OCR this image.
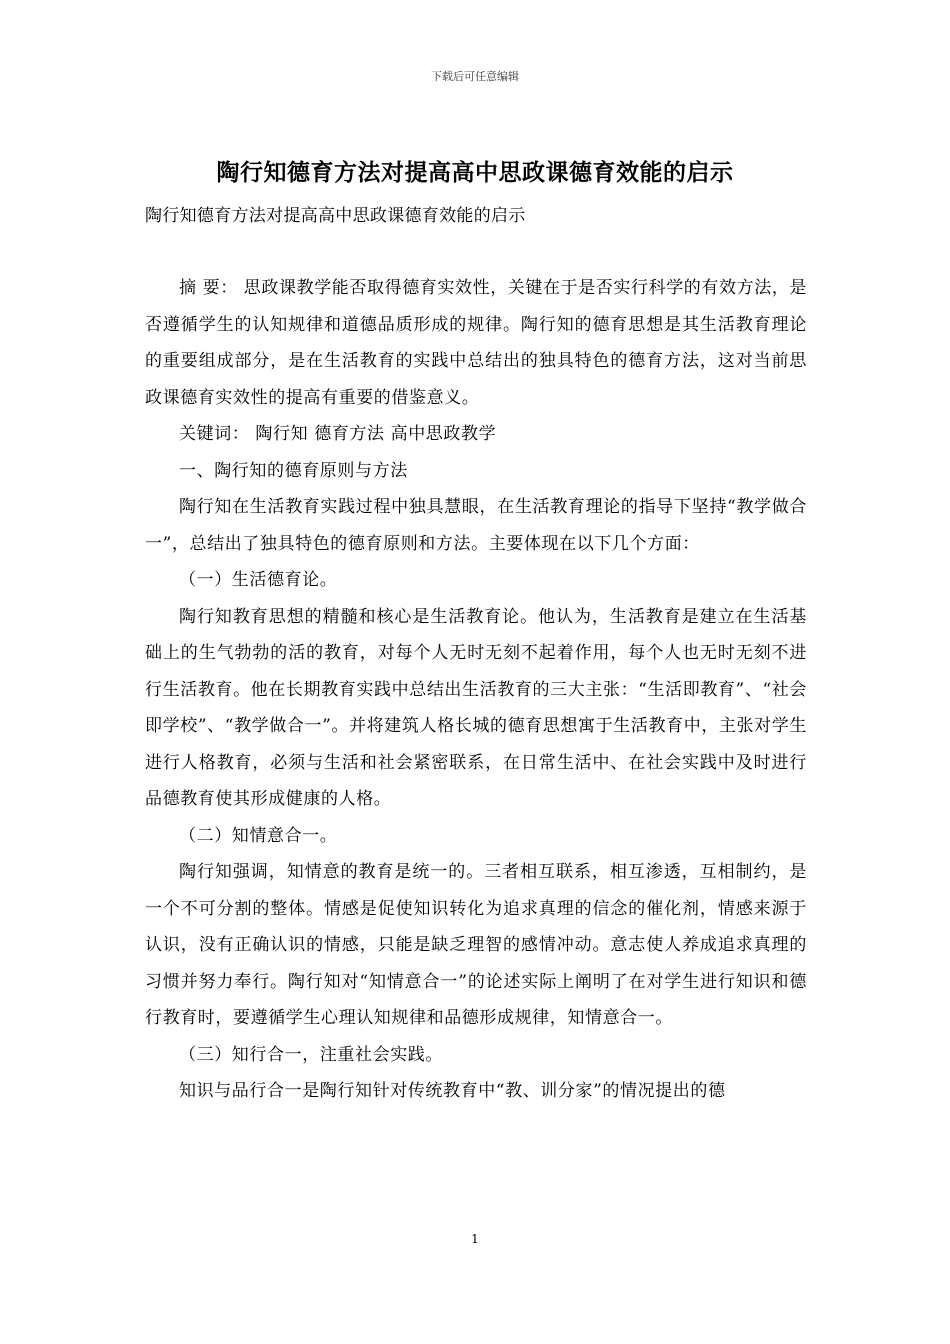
下载后可任意编辑
陶行知德育方法对提高高中思政课德育效能的启示
陶行知德育方法对提高高中思政课德育效能的启示

摘 要： 思政课教学能否取得德育实效性，关键在于是否实行科学的有效方法，是否遵循学生的认知规律和道德品质形成的规律。陶行知的德育思想是其生活教育理论的重要组成部分，是在生活教育的实践中总结出的独具特色的德育方法，这对当前思政课德育实效性的提高有重要的借鉴意义。

关键词： 陶行知 德育方法 高中思政教学

一、陶行知的德育原则与方法

陶行知在生活教育实践过程中独具慧眼，在生活教育理论的指导下坚持“教学做合一”，总结出了独具特色的德育原则和方法。主要体现在以下几个方面：

（一）生活德育论。

陶行知教育思想的精髓和核心是生活教育论。他认为，生活教育是建立在生活基础上的生气勃勃的活的教育，对每个人无时无刻不起着作用，每个人也无时无刻不进行生活教育。他在长期教育实践中总结出生活教育的三大主张：“生活即教育”、“社会即学校”、“教学做合一”。并将建筑人格长城的德育思想寓于生活教育中，主张对学生进行人格教育，必须与生活和社会紧密联系，在日常生活中、在社会实践中及时进行品德教育使其形成健康的人格。

（二）知情意合一。

陶行知强调，知情意的教育是统一的。三者相互联系，相互渗透，互相制约，是一个不可分割的整体。情感是促使知识转化为追求真理的信念的催化剂，情感来源于认识，没有正确认识的情感，只能是缺乏理智的感情冲动。意志使人养成追求真理的习惯并努力奉行。陶行知对“知情意合一”的论述实际上阐明了在对学生进行知识和德行教育时，要遵循学生心理认知规律和品德形成规律，知情意合一。

（三）知行合一，注重社会实践。

知识与品行合一是陶行知针对传统教育中“教、训分家”的情况提出的德

1
